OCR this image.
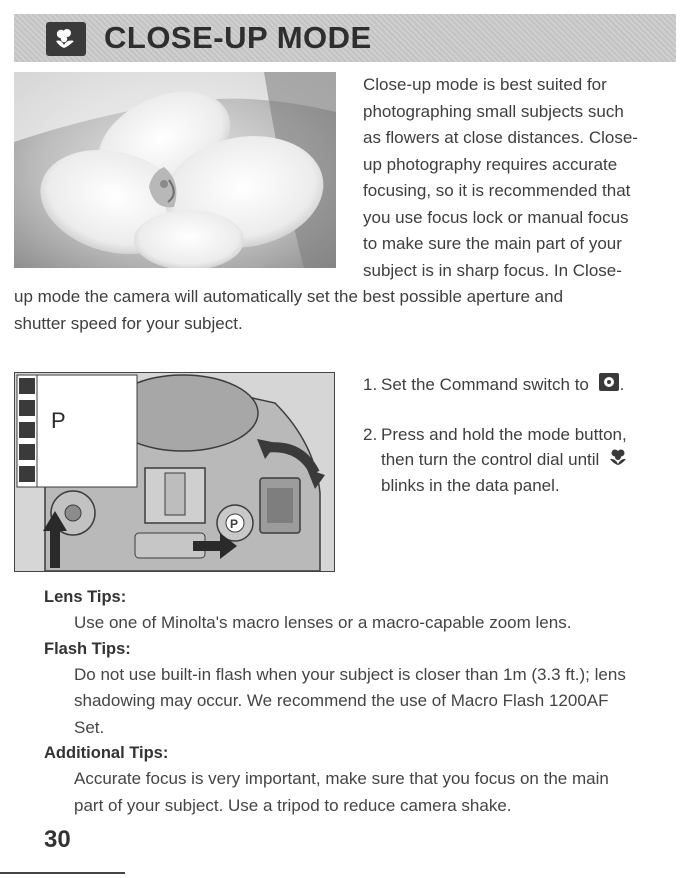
CLOSE-UP MODE
Close-up mode is best suited for
photographing small subjects such
as flowers at close distances. Close-
up photography requires accurate
focusing, so it is recommended that
you use focus lock or manual focus
to make sure the main part of your
subject is in sharp focus. In Close-
up mode the camera will automatically set the best possible aperture and
shutter speed for your subject.
P
P
1. Set the Command switch to .
2. Press and hold the mode button,
then turn the control dial until
blinks in the data panel.
Lens Tips:
Use one of Minolta's macro lenses or a macro-capable zoom lens.
Flash Tips:
Do not use built-in flash when your subject is closer than 1m (3.3 ft.); lens
shadowing may occur. We recommend the use of Macro Flash 1200AF
Set.
Additional Tips:
Accurate focus is very important, make sure that you focus on the main
part of your subject. Use a tripod to reduce camera shake.
30
